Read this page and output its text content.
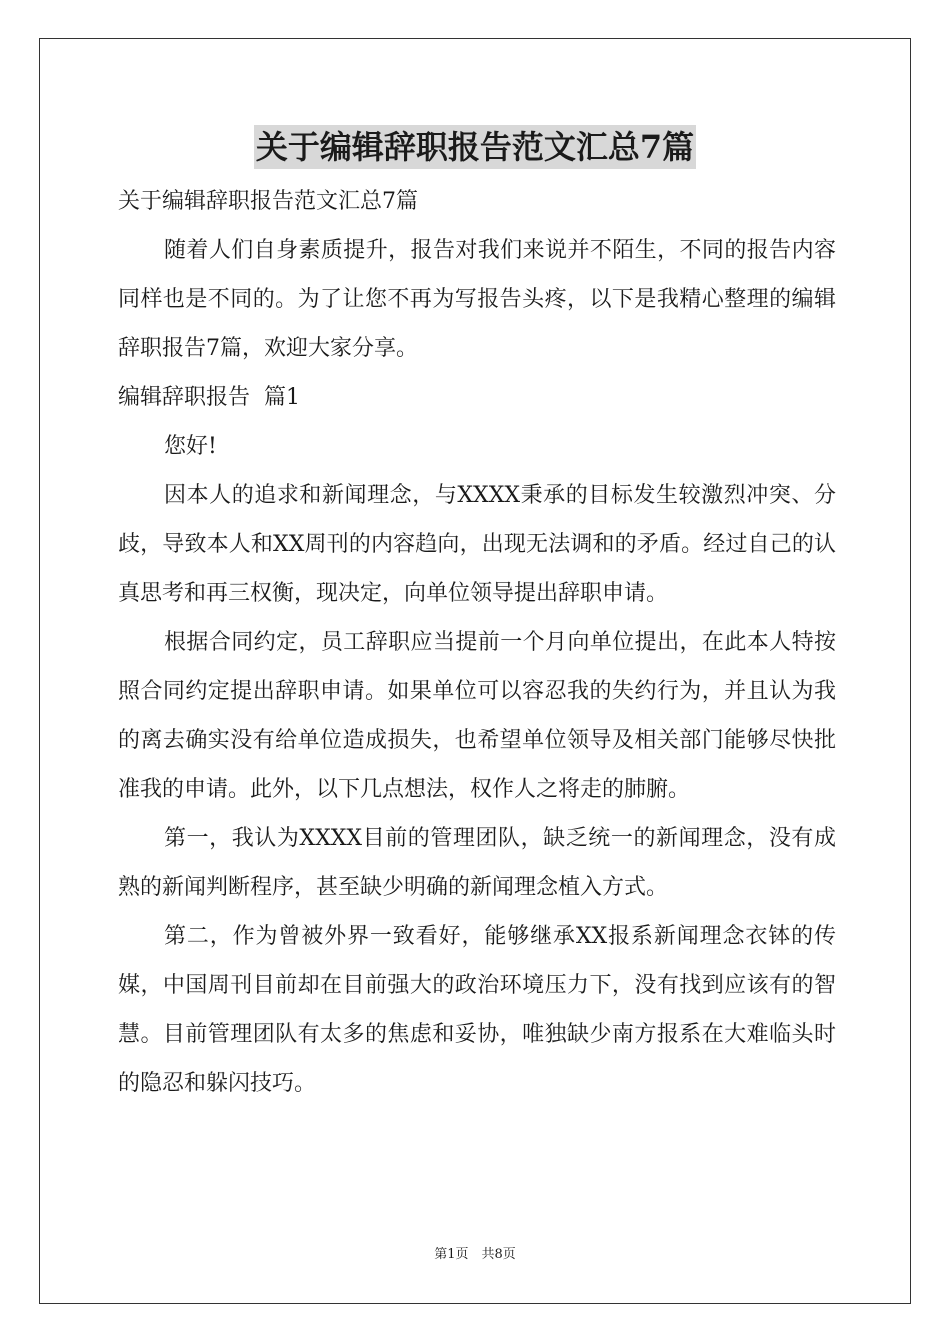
关于编辑辞职报告范文汇总7篇

关于编辑辞职报告范文汇总7篇

随着人们自身素质提升，报告对我们来说并不陌生，不同的报告内容同样也是不同的。为了让您不再为写报告头疼，以下是我精心整理的编辑辞职报告7篇，欢迎大家分享。

编辑辞职报告  篇1

您好!

因本人的追求和新闻理念，与XXXX秉承的目标发生较激烈冲突、分歧，导致本人和XX周刊的内容趋向，出现无法调和的矛盾。经过自己的认真思考和再三权衡，现决定，向单位领导提出辞职申请。

根据合同约定，员工辞职应当提前一个月向单位提出，在此本人特按照合同约定提出辞职申请。如果单位可以容忍我的失约行为，并且认为我的离去确实没有给单位造成损失，也希望单位领导及相关部门能够尽快批准我的申请。此外，以下几点想法，权作人之将走的肺腑。

第一，我认为XXXX目前的管理团队，缺乏统一的新闻理念，没有成熟的新闻判断程序，甚至缺少明确的新闻理念植入方式。

第二，作为曾被外界一致看好，能够继承XX报系新闻理念衣钵的传媒，中国周刊目前却在目前强大的政治环境压力下，没有找到应该有的智慧。目前管理团队有太多的焦虑和妥协，唯独缺少南方报系在大难临头时的隐忍和躲闪技巧。

第1页　共8页
